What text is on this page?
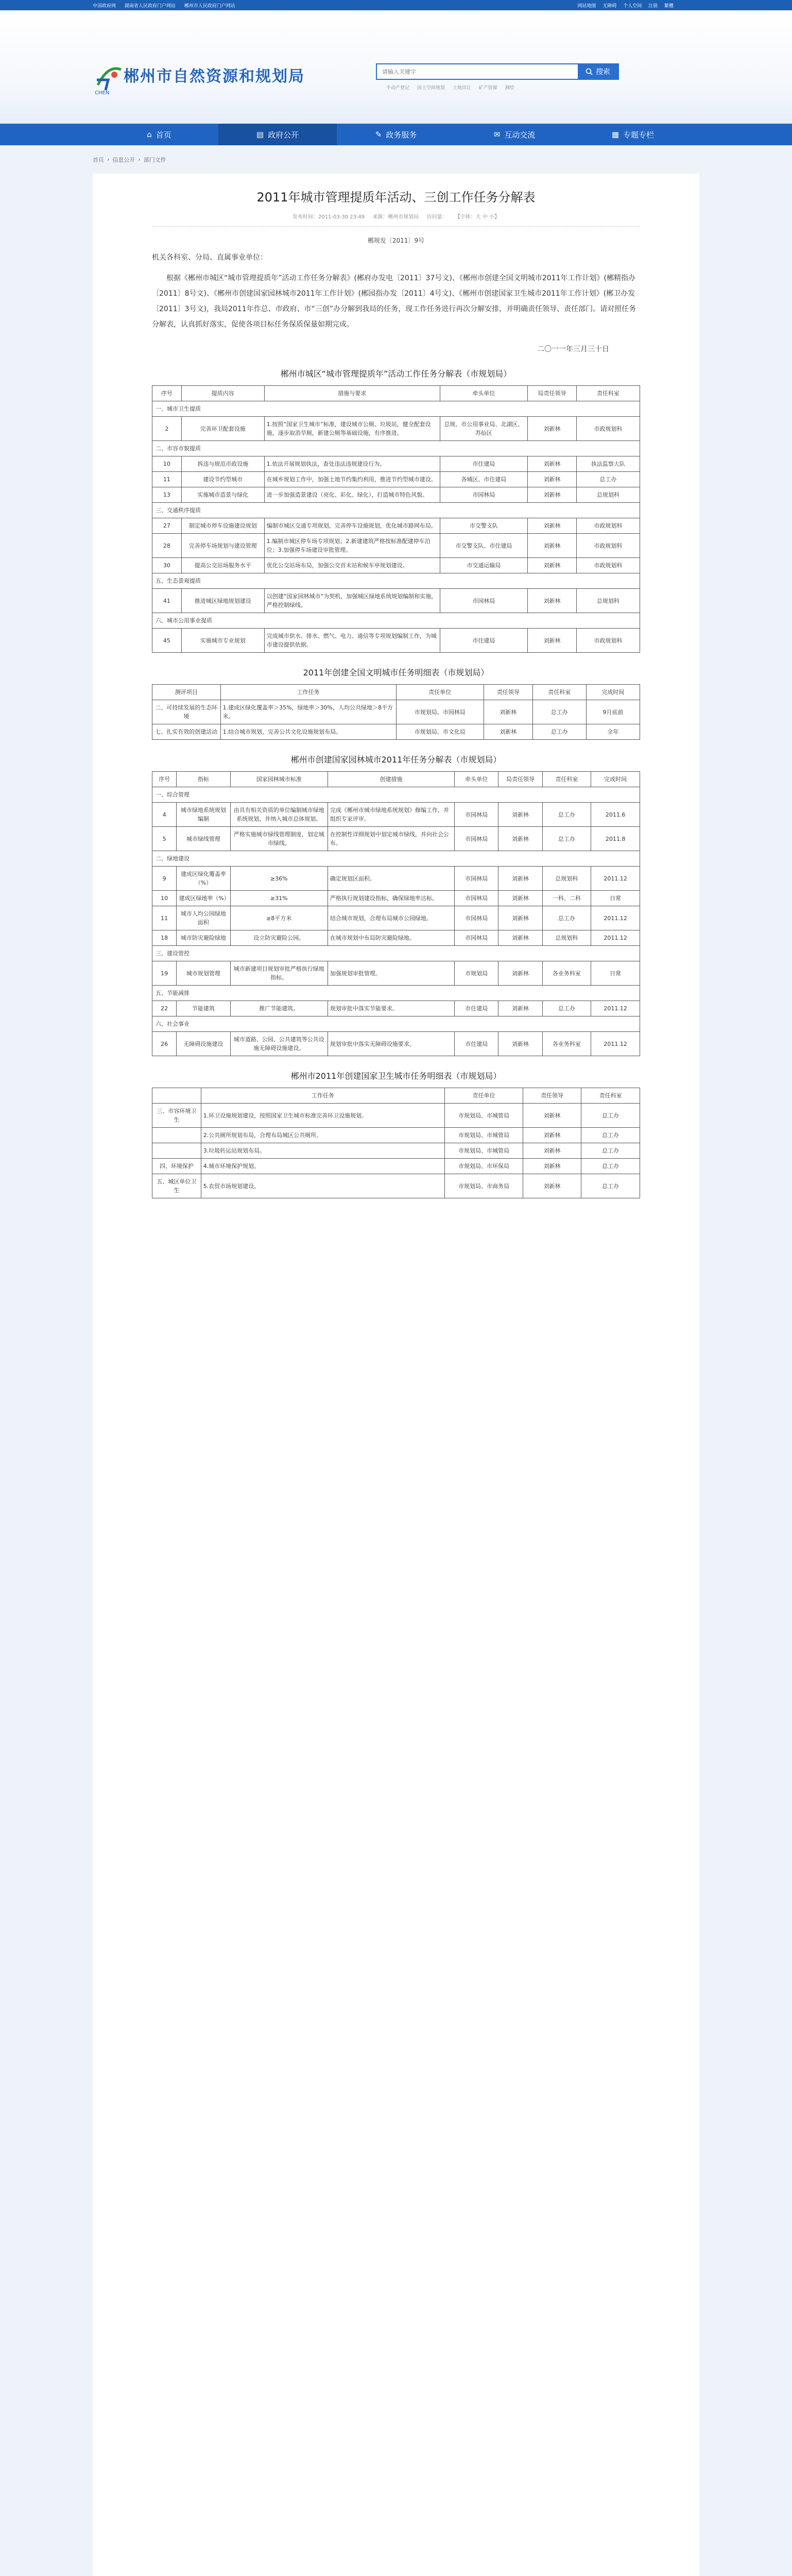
中国政府网 湖南省人民政府门户网站 郴州市人民政府门户网站	网站地图 无障碍 个人空间 注册 繁體
CHEN
郴州市自然资源和规划局
请输入关键字	搜索
不动产登记 国土空间规划 土地出让 矿产资源 测绘
⌂ 首页	▤ 政府公开	✎ 政务服务	✉ 互动交流	▦ 专题专栏
首页 › 信息公开 › 部门文件
2011年城市管理提质年活动、三创工作任务分解表
发布时间：2011-03-30 23:49 来源：郴州市规划局 访问量： 【字体：大 中 小】
郴规发〔2011〕9号
机关各科室、分局、直属事业单位：
根据《郴州市城区“城市管理提质年”活动工作任务分解表》(郴府办发电〔2011〕37号文)、《郴州市创建全国文明城市2011年工作计划》(郴精指办〔2011〕8号文)、《郴州市创建国家园林城市2011年工作计划》(郴园指办发〔2011〕4号文)、《郴州市创建国家卫生城市2011年工作计划》(郴卫办发〔2011〕3号文)，我局2011年作总、市政府、市“三创”办分解到我局的任务，现工作任务进行再次分解安排，并明确责任领导、责任部门。请对照任务分解表，认真抓好落实，促使各项目标任务保质保量如期完成。
二〇一一年三月三十日
郴州市城区“城市管理提质年”活动工作任务分解表（市规划局）
序号	提质内容	措施与要求	牵头单位	局责任领导	责任科室
一、城市卫生提质					
2	完善环卫配套设施	1.按照“国家卫生城市”标准，建设城市公厕、垃圾站，健全配套设施，逐步取消旱厕，新建公厕等基础设施，有序推进。	总规、市公用事业局、北湖区、苏仙区	刘新林	市政规划科
二、市容市貌提质					
10	拆违与规范市政设施	1.依法开展规划执法，查处违法违规建设行为。	市住建局	刘新林	执法监察大队
11	建设节约型城市	在城乡规划工作中，加强土地节约集约利用，推进节约型城市建设。	各城区、市住建局	刘新林	总工办
13	实施城市造景与绿化	进一步加强造景建设（亮化、彩化、绿化），打造城市特色风貌。	市园林局	刘新林	总规划科
三、交通秩序提质					
27	制定城市停车设施建设规划	编制市城区交通专项规划，完善停车设施规划，优化城市路网布局。	市交警支队	刘新林	市政规划科
28	完善停车场规划与建设管理	1.编制市城区停车场专项规划；2.新建建筑严格按标准配建停车泊位；3.加强停车场建设审批管理。	市交警支队、市住建局	刘新林	市政规划科
30	提高公交站场服务水平	优化公交站场布局，加强公交首末站和候车亭规划建设。	市交通运输局	刘新林	市政规划科
五、生态景观提质					
41	推进城区绿地规划建设	以创建“国家园林城市”为契机，加强城区绿地系统规划编制和实施，严格控制绿线。	市园林局	刘新林	总规划科
六、城市公用事业提质					
45	实施城市专业规划	完成城市供水、排水、燃气、电力、通信等专项规划编制工作，为城市建设提供依据。	市住建局	刘新林	市政规划科
2011年创建全国文明城市任务明细表（市规划局）
测评项目	工作任务	责任单位	责任领导	责任科室	完成时间
二、可持续发展的生态环境	1.建成区绿化覆盖率＞35%，绿地率＞30%，人均公共绿地＞8平方米。	市规划局、市园林局	刘新林	总工办	9月底前
七、扎实有效的创建活动	1.结合城市规划，完善公共文化设施规划布局。	市规划局、市文化局	刘新林	总工办	全年
郴州市创建国家园林城市2011年任务分解表（市规划局）
序号	指标	国家园林城市标准	创建措施	牵头单位	局责任领导	责任科室	完成时间
一、综合管理							
4	城市绿地系统规划编制	由具有相关资质的单位编制城市绿地系统规划，并纳入城市总体规划。	完成《郴州市城市绿地系统规划》修编工作，并组织专家评审。	市园林局	刘新林	总工办	2011.6
5	城市绿线管理	严格实施城市绿线管理制度，划定城市绿线。	在控制性详细规划中划定城市绿线，并向社会公布。	市园林局	刘新林	总工办	2011.8
二、绿地建设							
9	建成区绿化覆盖率（%）	≥36%	确定规划区面积。	市园林局	刘新林	总规划科	2011.12
10	建成区绿地率（%）	≥31%	严格执行规划建设指标，确保绿地率达标。	市园林局	刘新林	一科、二科	日常
11	城市人均公园绿地面积	≥8平方米	结合城市规划，合理布局城市公园绿地。	市园林局	刘新林	总工办	2011.12
18	城市防灾避险绿地	设立防灾避险公园。	在城市规划中布局防灾避险绿地。	市园林局	刘新林	总规划科	2011.12
三、建设管控							
19	城市规划管理	城市新建项目规划审批严格执行绿地指标。	加强规划审批管理。	市规划局	刘新林	各业务科室	日常
五、节能减排							
22	节能建筑	推广节能建筑。	规划审批中落实节能要求。	市住建局	刘新林	总工办	2011.12
六、社会事业							
26	无障碍设施建设	城市道路、公园、公共建筑等公共设施无障碍设施建设。	规划审批中落实无障碍设施要求。	市住建局	刘新林	各业务科室	2011.12
郴州市2011年创建国家卫生城市任务明细表（市规划局）
	工作任务	责任单位	责任领导	责任科室
三、市容环境卫生	1.环卫设施规划建设，按照国家卫生城市标准完善环卫设施规划。	市规划局、市城管局	刘新林	总工办
	2.公共厕所规划布局，合理布局城区公共厕所。	市规划局、市城管局	刘新林	总工办
	3.垃圾转运站规划布局。	市规划局、市城管局	刘新林	总工办
四、环境保护	4.城市环境保护规划。	市规划局、市环保局	刘新林	总工办
五、城区单位卫生	5.农贸市场规划建设。	市规划局、市商务局	刘新林	总工办
